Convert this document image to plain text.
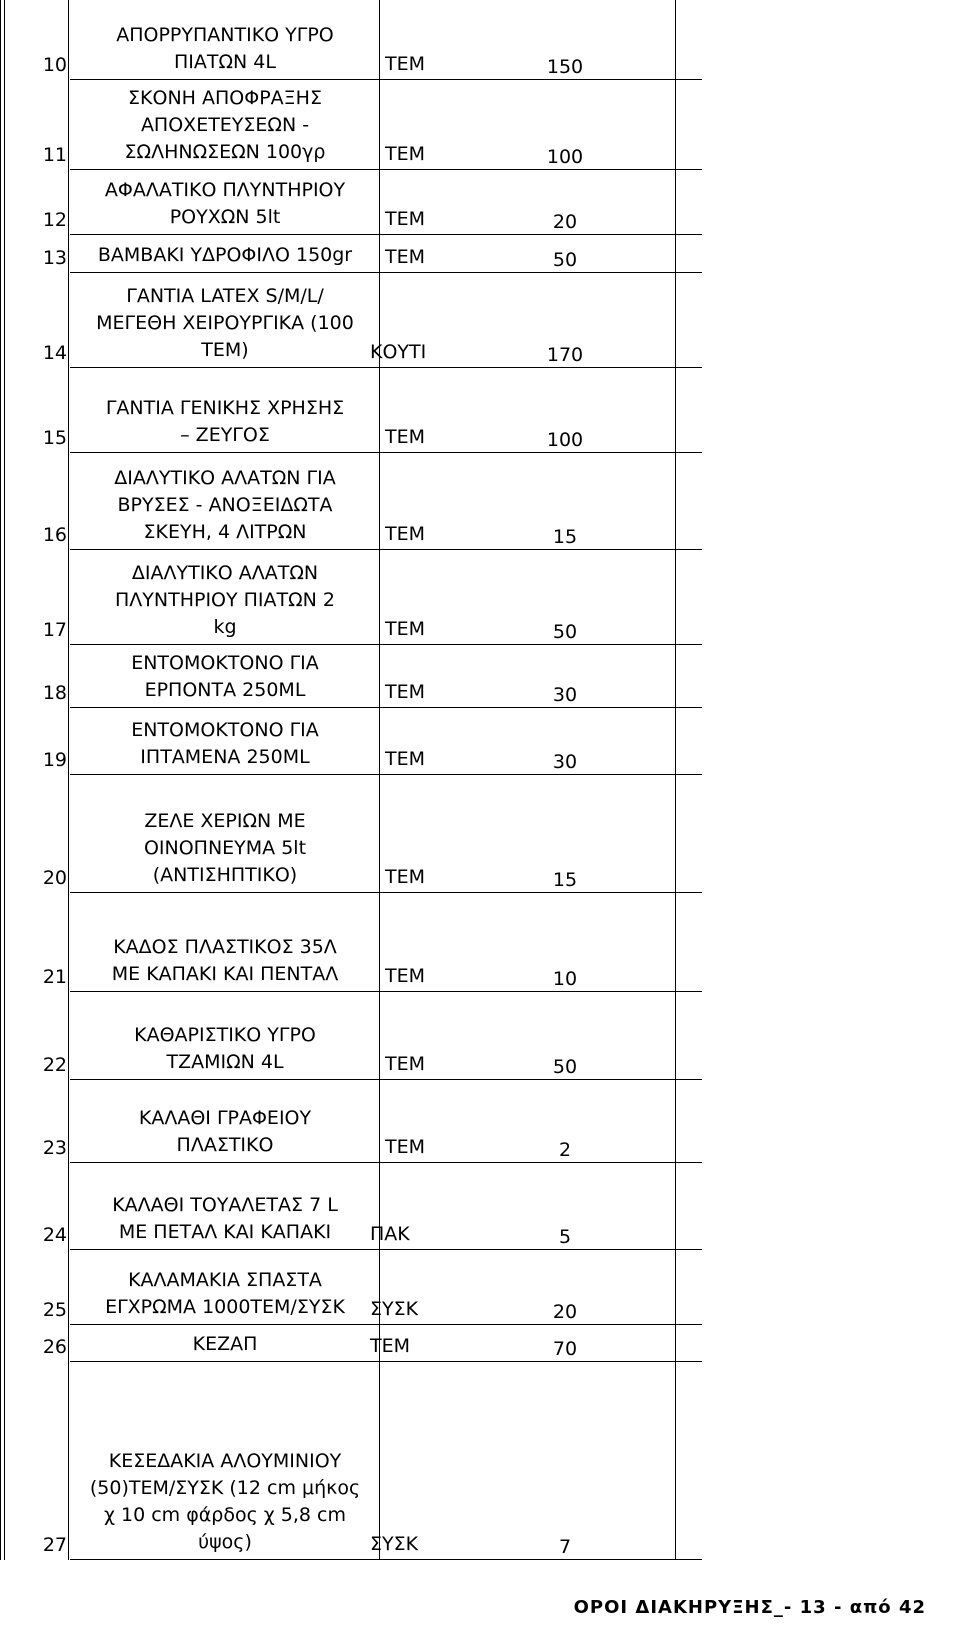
10
ΑΠΟΡΡΥΠΑΝΤΙΚΟ ΥΓΡΟ
ΠΙΑΤΩΝ 4L	ΤΕΜ	150
11
ΣΚΟΝΗ ΑΠΟΦΡΑΞΗΣ
ΑΠΟΧΕΤΕΥΣΕΩΝ -
ΣΩΛΗΝΩΣΕΩΝ 100γρ	ΤΕΜ	100
12
ΑΦΑΛΑΤΙΚΟ ΠΛΥΝΤΗΡΙΟΥ
ΡΟΥΧΩΝ 5lt	ΤΕΜ	20
13	ΒΑΜΒΑΚΙ ΥΔΡΟΦΙΛΟ 150gr	ΤΕΜ	50
14
ΓΑΝΤΙΑ LATEX S/M/L/
ΜΕΓΕΘΗ ΧΕΙΡΟΥΡΓΙΚΑ (100
ΤΕΜ)	ΚΟΥΤΙ	170
15
ΓΑΝΤΙΑ ΓΕΝΙΚΗΣ ΧΡΗΣΗΣ
– ΖΕΥΓΟΣ	ΤΕΜ	100
16
ΔΙΑΛΥΤΙΚΟ ΑΛΑΤΩΝ ΓΙΑ
ΒΡΥΣΕΣ - ΑΝΟΞΕΙΔΩΤΑ
ΣΚΕΥΗ, 4 ΛΙΤΡΩΝ	ΤΕΜ	15
17
ΔΙΑΛΥΤΙΚΟ ΑΛΑΤΩΝ
ΠΛΥΝΤΗΡΙΟΥ ΠΙΑΤΩΝ 2
kg	ΤΕΜ	50
18
ΕΝΤΟΜΟΚΤΟΝΟ ΓΙΑ
ΕΡΠΟΝΤΑ 250ML	ΤΕΜ	30
19
ΕΝΤΟΜΟΚΤΟΝΟ ΓΙΑ
ΙΠΤΑΜΕΝΑ 250ML	ΤΕΜ	30
20
ΖΕΛΕ ΧΕΡΙΩΝ ΜΕ
ΟΙΝΟΠΝΕΥΜΑ 5lt
(ΑΝΤΙΣΗΠΤΙΚΟ)	ΤΕΜ	15
21
ΚΑΔΟΣ ΠΛΑΣΤΙΚΟΣ 35Λ
ΜΕ ΚΑΠΑΚΙ ΚΑΙ ΠΕΝΤΑΛ	ΤΕΜ	10
22
ΚΑΘΑΡΙΣΤΙΚΟ ΥΓΡΟ
ΤΖΑΜΙΩΝ 4L	ΤΕΜ	50
23
ΚΑΛΑΘΙ ΓΡΑΦΕΙΟΥ
ΠΛΑΣΤΙΚΟ	ΤΕΜ	2
24
ΚΑΛΑΘΙ ΤΟΥΑΛΕΤΑΣ 7 L
ΜΕ ΠΕΤΑΛ ΚΑΙ ΚΑΠΑΚΙ	ΠΑΚ	5
25
ΚΑΛΑΜΑΚΙΑ ΣΠΑΣΤΑ
ΕΓΧΡΩΜΑ 1000ΤΕΜ/ΣΥΣΚ	ΣΥΣΚ	20
26	ΚΕΖΑΠ	ΤΕΜ	70
27
ΚΕΣΕΔΑΚΙΑ ΑΛΟΥΜΙΝΙΟΥ
(50)ΤΕΜ/ΣΥΣΚ (12 cm μήκος
χ 10 cm φάρδος χ 5,8 cm
ύψος)	ΣΥΣΚ	7
ΟΡΟΙ ΔΙΑΚΗΡΥΞΗΣ_- 13 - από 42
